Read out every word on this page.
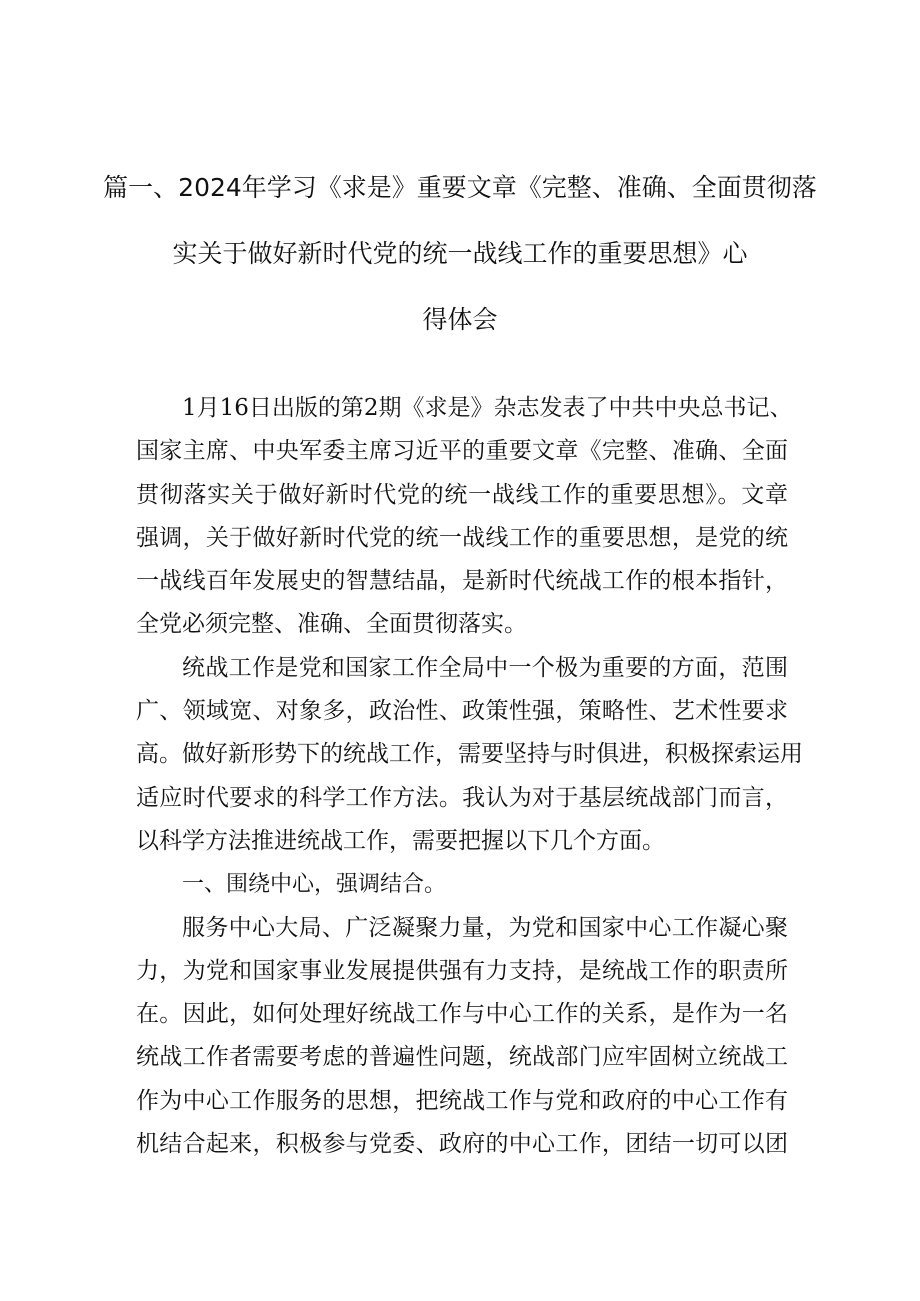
篇一、2024年学习《求是》重要文章《完整、准确、全面贯彻落
实关于做好新时代党的统一战线工作的重要思想》心
得体会
1月16日出版的第2期《求是》杂志发表了中共中央总书记、
国家主席、中央军委主席习近平的重要文章《完整、准确、全面
贯彻落实关于做好新时代党的统一战线工作的重要思想》。文章
强调，关于做好新时代党的统一战线工作的重要思想，是党的统
一战线百年发展史的智慧结晶，是新时代统战工作的根本指针，
全党必须完整、准确、全面贯彻落实。
统战工作是党和国家工作全局中一个极为重要的方面，范围
广、领域宽、对象多，政治性、政策性强，策略性、艺术性要求
高。做好新形势下的统战工作，需要坚持与时俱进，积极探索运用
适应时代要求的科学工作方法。我认为对于基层统战部门而言，
以科学方法推进统战工作，需要把握以下几个方面。
一、围绕中心，强调结合。
服务中心大局、广泛凝聚力量，为党和国家中心工作凝心聚
力，为党和国家事业发展提供强有力支持，是统战工作的职责所
在。因此，如何处理好统战工作与中心工作的关系，是作为一名
统战工作者需要考虑的普遍性问题，统战部门应牢固树立统战工
作为中心工作服务的思想，把统战工作与党和政府的中心工作有
机结合起来，积极参与党委、政府的中心工作，团结一切可以团
